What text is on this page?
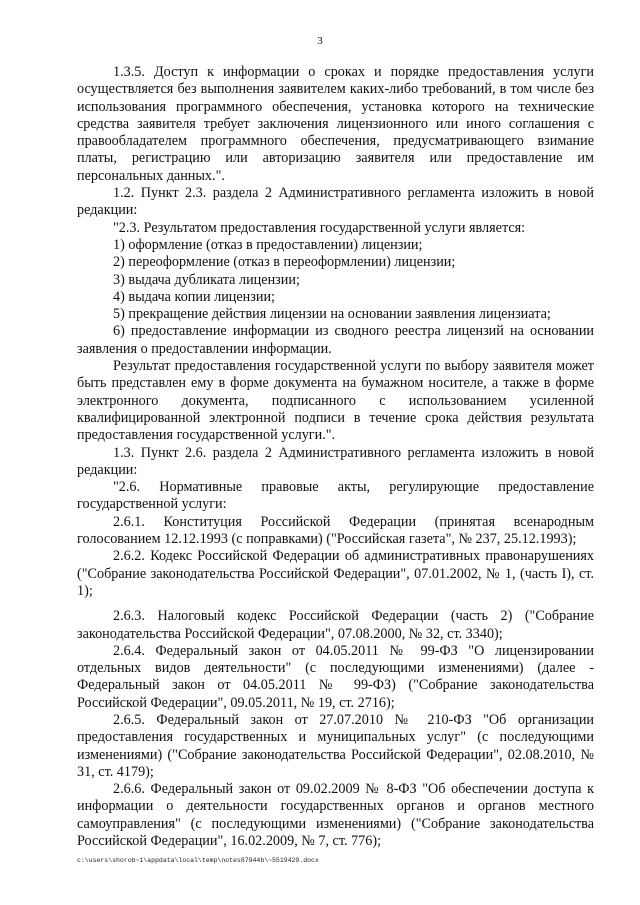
3

1.3.5. Доступ к информации о сроках и порядке предоставления услуги осуществляется без выполнения заявителем каких-либо требований, в том числе без использования программного обеспечения, установка которого на технические средства заявителя требует заключения лицензионного или иного соглашения с правообладателем программного обеспечения, предусматривающего взимание платы, регистрацию или авторизацию заявителя или предоставление им персональных данных.".

1.2. Пункт 2.3. раздела 2 Административного регламента изложить в новой редакции:

"2.3. Результатом предоставления государственной услуги является:

1) оформление (отказ в предоставлении) лицензии;

2) переоформление (отказ в переоформлении) лицензии;

3) выдача дубликата лицензии;

4) выдача копии лицензии;

5) прекращение действия лицензии на основании заявления лицензиата;

6) предоставление информации из сводного реестра лицензий на основании заявления о предоставлении информации.

Результат предоставления государственной услуги по выбору заявителя может быть представлен ему в форме документа на бумажном носителе, а также в форме электронного документа, подписанного с использованием усиленной квалифицированной электронной подписи в течение срока действия результата предоставления государственной услуги.".

1.3. Пункт 2.6. раздела 2 Административного регламента изложить в новой редакции:

"2.6. Нормативные правовые акты, регулирующие предоставление государственной услуги:

2.6.1. Конституция Российской Федерации (принятая всенародным голосованием 12.12.1993 (с поправками) ("Российская газета", № 237, 25.12.1993);

2.6.2. Кодекс Российской Федерации об административных правонарушениях ("Собрание законодательства Российской Федерации", 07.01.2002, № 1, (часть I), ст. 1);

2.6.3. Налоговый кодекс Российской Федерации (часть 2) ("Собрание законодательства Российской Федерации", 07.08.2000, № 32, ст. 3340);

2.6.4. Федеральный закон от 04.05.2011 № 99-ФЗ "О лицензировании отдельных видов деятельности" (с последующими изменениями) (далее - Федеральный закон от 04.05.2011 № 99-ФЗ) ("Собрание законодательства Российской Федерации", 09.05.2011, № 19, ст. 2716);

2.6.5. Федеральный закон от 27.07.2010 № 210-ФЗ "Об организации предоставления государственных и муниципальных услуг" (с последующими изменениями) ("Собрание законодательства Российской Федерации", 02.08.2010, № 31, ст. 4179);

2.6.6. Федеральный закон от 09.02.2009 № 8-ФЗ "Об обеспечении доступа к информации о деятельности государственных органов и органов местного самоуправления" (с последующими изменениями) ("Собрание законодательства Российской Федерации", 16.02.2009, № 7, ст. 776);

c:\users\shorob~1\appdata\local\temp\notes87944b\~5519429.docx
